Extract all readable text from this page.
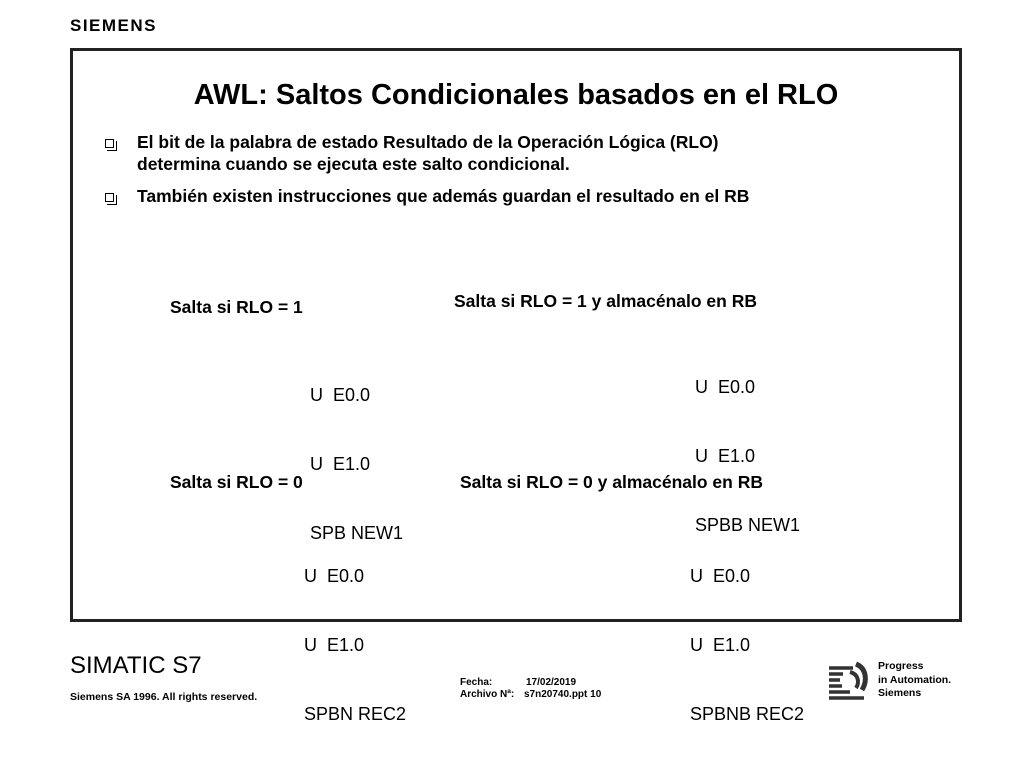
SIEMENS
AWL: Saltos Condicionales basados en el RLO
El bit de la palabra de estado Resultado de la Operación Lógica (RLO)
determina cuando se ejecuta este salto condicional.
También existen instrucciones que además guardan el resultado en el RB
Salta si RLO = 1

U  E0.0

U  E1.0

SPB NEW1

Salta si RLO = 1 y almacénalo en RB

U  E0.0

U  E1.0

SPBB NEW1

Salta si RLO = 0

U  E0.0

U  E1.0

SPBN REC2

Salta si RLO = 0 y almacénalo en RB

U  E0.0

U  E1.0

SPBNB REC2

SIMATIC S7
Siemens SA 1996. All rights reserved.
Fecha:	17/02/2019
Archivo Nª: s7n20740.ppt 10
Progress
in Automation.
Siemens
